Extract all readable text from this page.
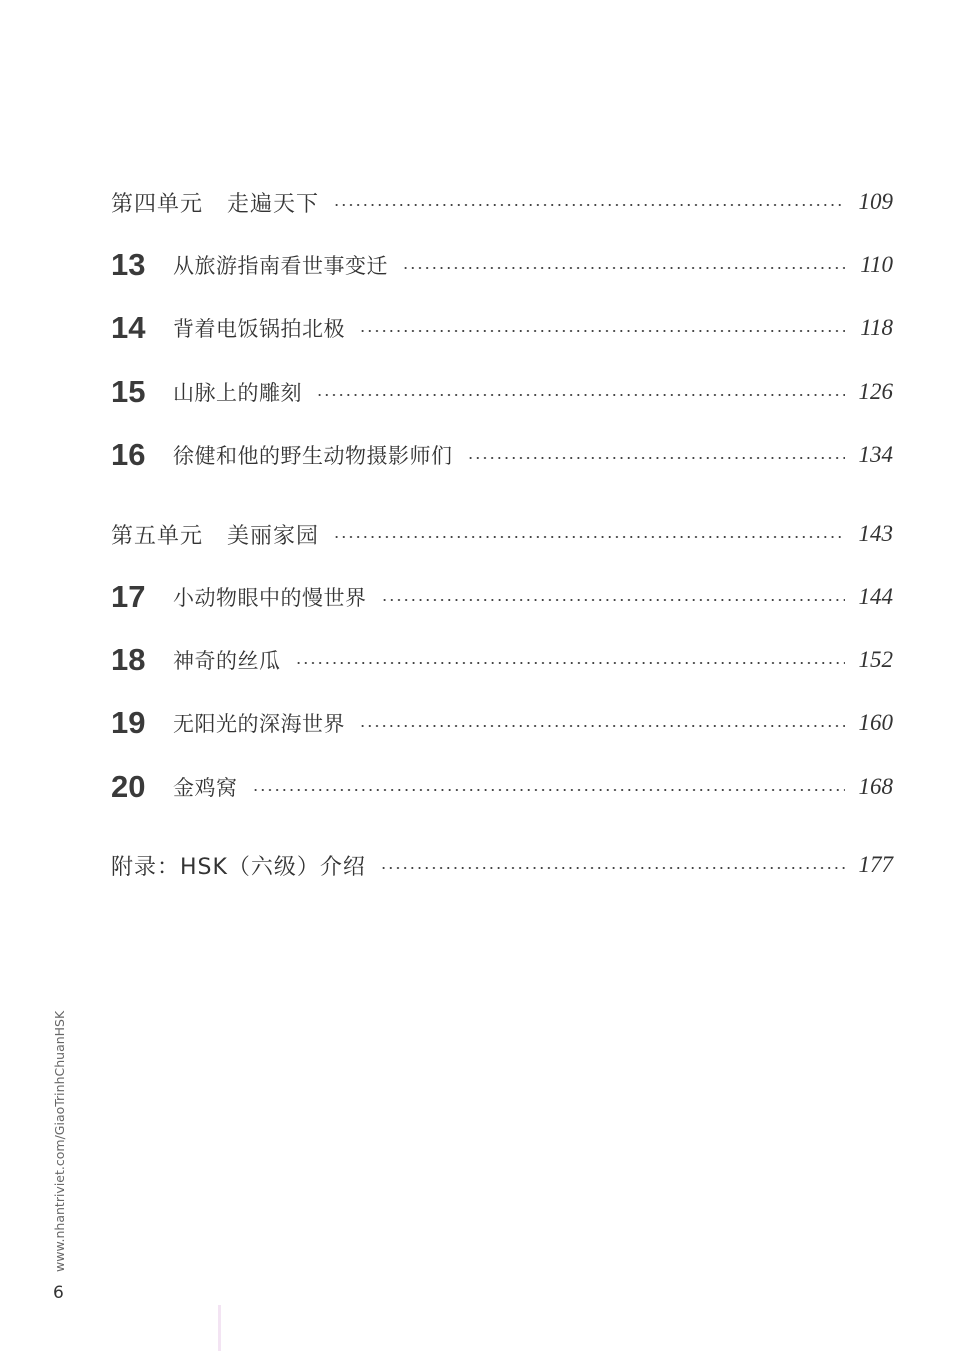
第四单元 走遍天下	109
13	从旅游指南看世事变迁	110
14	背着电饭锅拍北极	118
15	山脉上的雕刻	126
16	徐健和他的野生动物摄影师们	134
第五单元 美丽家园	143
17	小动物眼中的慢世界	144
18	神奇的丝瓜	152
19	无阳光的深海世界	160
20	金鸡窝	168
附录：HSK（六级）介绍	177
www.nhantriviet.com/GiaoTrinhChuanHSK
6
